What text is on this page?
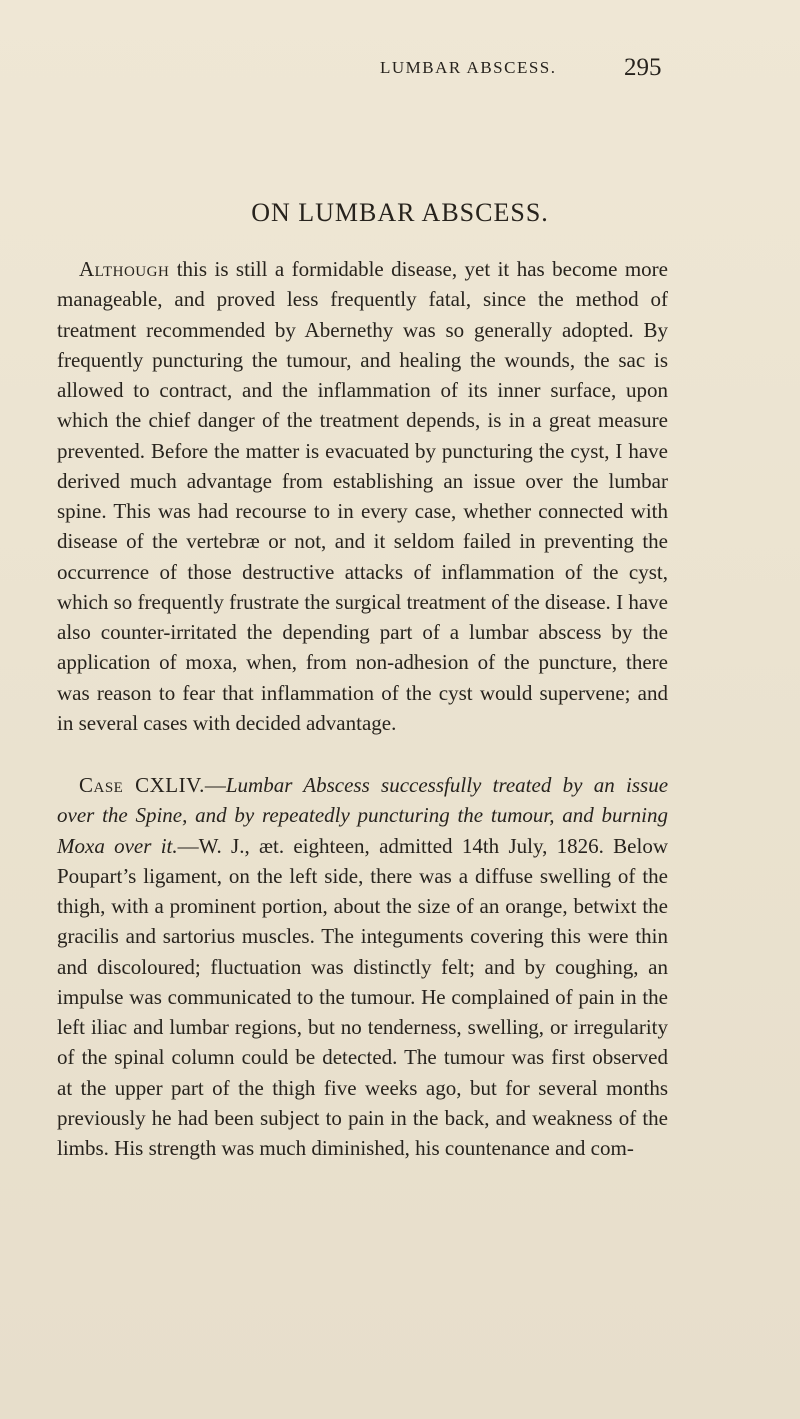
LUMBAR ABSCESS.	295
ON LUMBAR ABSCESS.

Although this is still a formidable disease, yet it has become more manageable, and proved less frequently fatal, since the method of treatment recommended by Abernethy was so generally adopted. By frequently puncturing the tumour, and healing the wounds, the sac is allowed to contract, and the inflammation of its inner surface, upon which the chief danger of the treatment depends, is in a great measure prevented. Before the matter is evacuated by puncturing the cyst, I have derived much advantage from establishing an issue over the lumbar spine. This was had recourse to in every case, whether connected with disease of the vertebræ or not, and it seldom failed in preventing the occurrence of those destructive attacks of inflammation of the cyst, which so frequently frustrate the surgical treatment of the disease. I have also counter-irritated the depending part of a lumbar abscess by the application of moxa, when, from non-adhesion of the puncture, there was reason to fear that inflammation of the cyst would supervene; and in several cases with decided advantage.

Case CXLIV.—Lumbar Abscess successfully treated by an issue over the Spine, and by repeatedly puncturing the tumour, and burning Moxa over it.—W. J., æt. eighteen, admitted 14th July, 1826. Below Poupart’s ligament, on the left side, there was a diffuse swelling of the thigh, with a prominent portion, about the size of an orange, betwixt the gracilis and sartorius muscles. The integuments covering this were thin and discoloured; fluctuation was distinctly felt; and by coughing, an impulse was communicated to the tumour. He complained of pain in the left iliac and lumbar regions, but no tenderness, swelling, or irregularity of the spinal column could be detected. The tumour was first observed at the upper part of the thigh five weeks ago, but for several months previously he had been subject to pain in the back, and weakness of the limbs. His strength was much diminished, his countenance and com-
